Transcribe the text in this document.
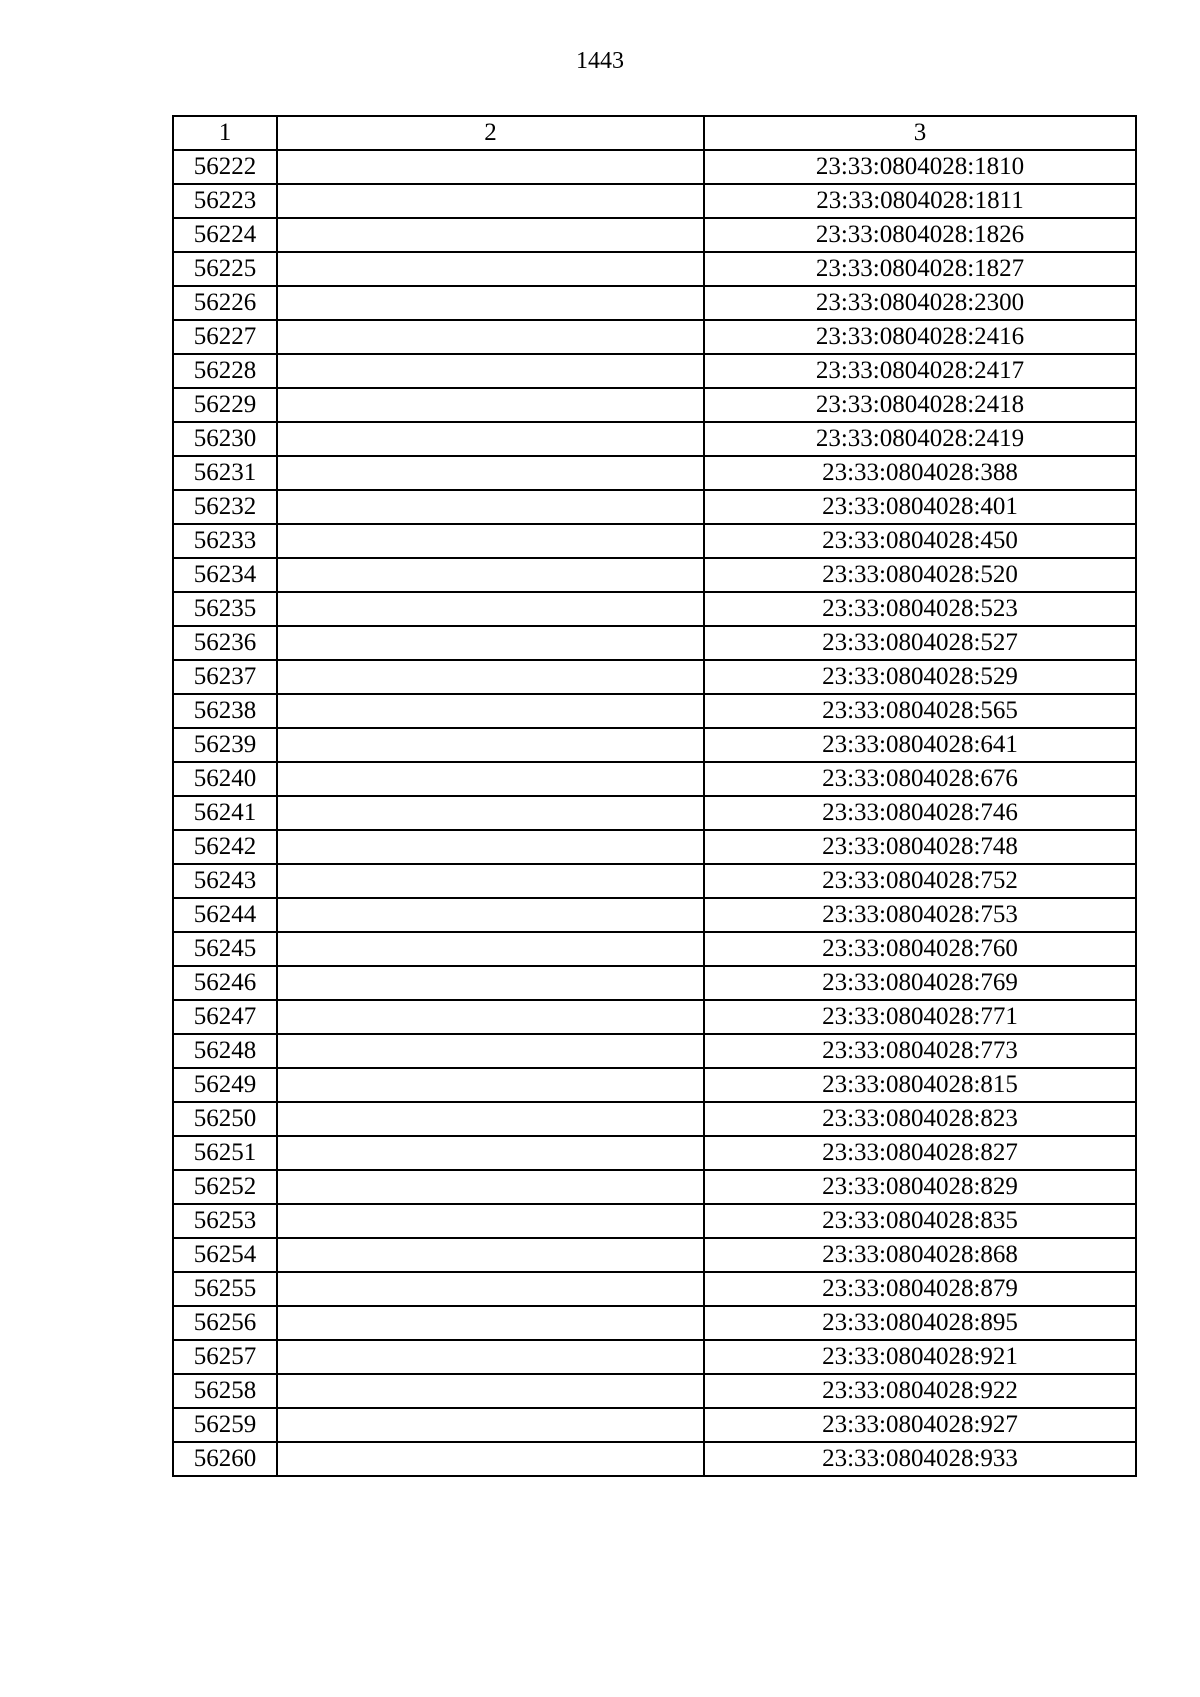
1443
1	2	3
56222		23:33:0804028:1810
56223		23:33:0804028:1811
56224		23:33:0804028:1826
56225		23:33:0804028:1827
56226		23:33:0804028:2300
56227		23:33:0804028:2416
56228		23:33:0804028:2417
56229		23:33:0804028:2418
56230		23:33:0804028:2419
56231		23:33:0804028:388
56232		23:33:0804028:401
56233		23:33:0804028:450
56234		23:33:0804028:520
56235		23:33:0804028:523
56236		23:33:0804028:527
56237		23:33:0804028:529
56238		23:33:0804028:565
56239		23:33:0804028:641
56240		23:33:0804028:676
56241		23:33:0804028:746
56242		23:33:0804028:748
56243		23:33:0804028:752
56244		23:33:0804028:753
56245		23:33:0804028:760
56246		23:33:0804028:769
56247		23:33:0804028:771
56248		23:33:0804028:773
56249		23:33:0804028:815
56250		23:33:0804028:823
56251		23:33:0804028:827
56252		23:33:0804028:829
56253		23:33:0804028:835
56254		23:33:0804028:868
56255		23:33:0804028:879
56256		23:33:0804028:895
56257		23:33:0804028:921
56258		23:33:0804028:922
56259		23:33:0804028:927
56260		23:33:0804028:933
